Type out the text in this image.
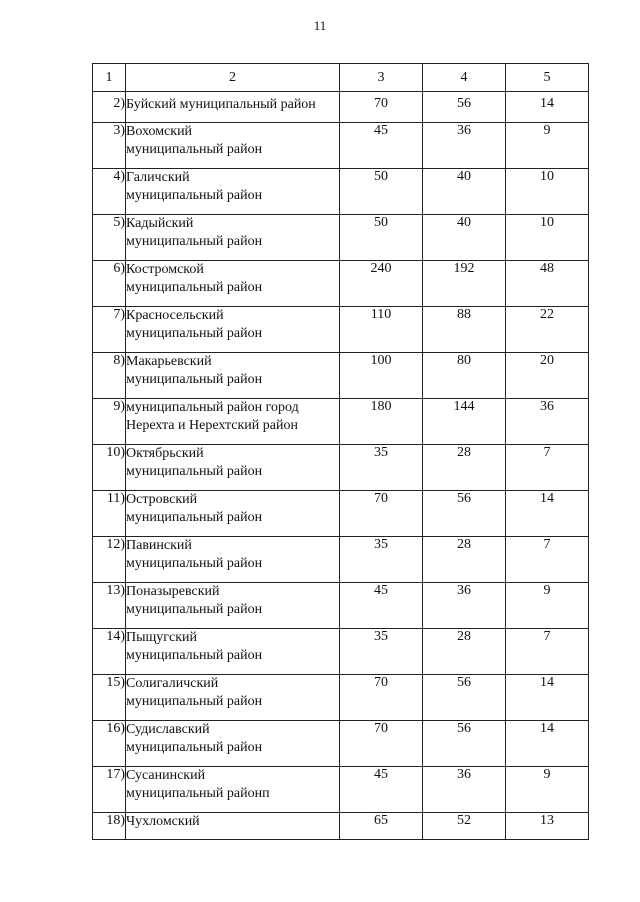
11
1	2	3	4	5
2)	Буйский муниципальный район	70	56	14
3)	Вохомский
муниципальный район	45	36	9
4)	Галичский
муниципальный район	50	40	10
5)	Кадыйский
муниципальный район	50	40	10
6)	Костромской
муниципальный район	240	192	48
7)	Красносельский
муниципальный район	110	88	22
8)	Макарьевский
муниципальный район	100	80	20
9)	муниципальный район город
Нерехта и Нерехтский район	180	144	36
10)	Октябрьский
муниципальный район	35	28	7
11)	Островский
муниципальный район	70	56	14
12)	Павинский
муниципальный район	35	28	7
13)	Поназыревский
муниципальный район	45	36	9
14)	Пыщугский
муниципальный район	35	28	7
15)	Солигаличский
муниципальный район	70	56	14
16)	Судиславский
муниципальный район	70	56	14
17)	Сусанинский
муниципальный районп	45	36	9
18)	Чухломский	65	52	13
